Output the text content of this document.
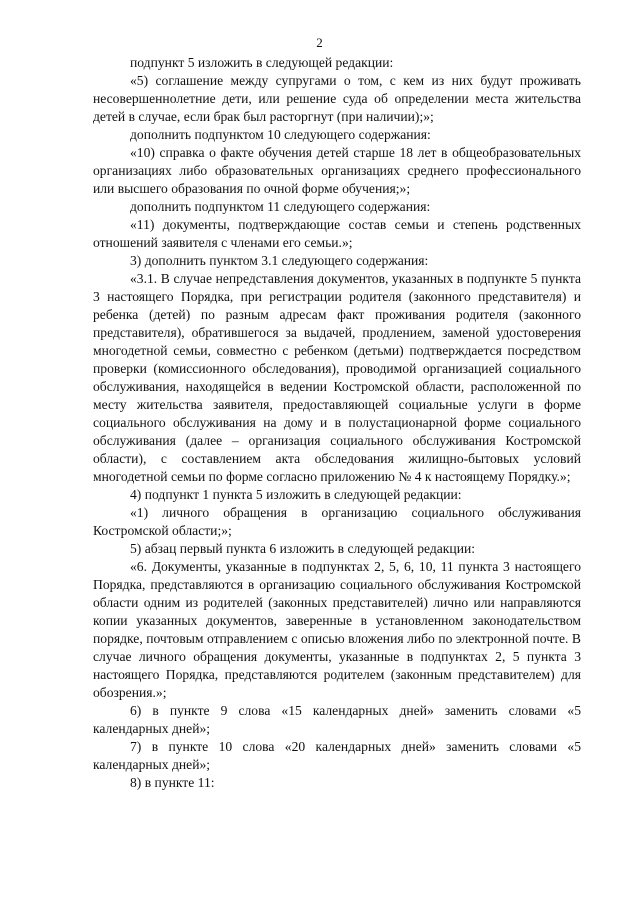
2

подпункт 5 изложить в следующей редакции:

«5) соглашение между супругами о том, с кем из них будут проживать несовершеннолетние дети, или решение суда об определении места жительства детей в случае, если брак был расторгнут (при наличии);»;

дополнить подпунктом 10 следующего содержания:

«10) справка о факте обучения детей старше 18 лет в общеобразовательных организациях либо образовательных организациях среднего профессионального или высшего образования по очной форме обучения;»;

дополнить подпунктом 11 следующего содержания:

«11) документы, подтверждающие состав семьи и степень родственных отношений заявителя с членами его семьи.»;

3) дополнить пунктом 3.1 следующего содержания:

«3.1. В случае непредставления документов, указанных в подпункте 5 пункта 3 настоящего Порядка, при регистрации родителя (законного представителя) и ребенка (детей) по разным адресам факт проживания родителя (законного представителя), обратившегося за выдачей, продлением, заменой удостоверения многодетной семьи, совместно с ребенком (детьми) подтверждается посредством проверки (комиссионного обследования), проводимой организацией социального обслуживания, находящейся в ведении Костромской области, расположенной по месту жительства заявителя, предоставляющей социальные услуги в форме социального обслуживания на дому и в полустационарной форме социального обслуживания (далее – организация социального обслуживания Костромской области), с составлением акта обследования жилищно-бытовых условий многодетной семьи по форме согласно приложению № 4 к настоящему Порядку.»;

4) подпункт 1 пункта 5 изложить в следующей редакции:

«1) личного обращения в организацию социального обслуживания Костромской области;»;

5) абзац первый пункта 6 изложить в следующей редакции:

«6. Документы, указанные в подпунктах 2, 5, 6, 10, 11 пункта 3 настоящего Порядка, представляются в организацию социального обслуживания Костромской области одним из родителей (законных представителей) лично или направляются копии указанных документов, заверенные в установленном законодательством порядке, почтовым отправлением с описью вложения либо по электронной почте. В случае личного обращения документы, указанные в подпунктах 2, 5 пункта 3 настоящего Порядка, представляются родителем (законным представителем) для обозрения.»;

6) в пункте 9 слова «15 календарных дней» заменить словами «5 календарных дней»;

7) в пункте 10 слова «20 календарных дней» заменить словами «5 календарных дней»;

8) в пункте 11:
